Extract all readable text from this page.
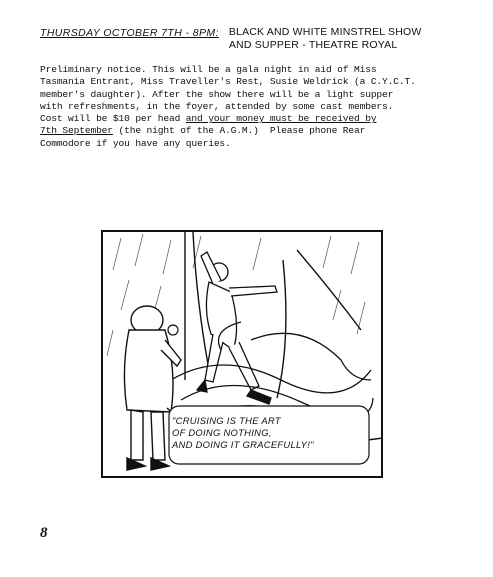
THURSDAY OCTOBER 7TH - 8PM: BLACK AND WHITE MINSTREL SHOW
AND SUPPER - THEATRE ROYAL
Preliminary notice. This will be a gala night in aid of Miss
Tasmania Entrant, Miss Traveller's Rest, Susie Weldrick (a C.Y.C.T.
member's daughter). After the show there will be a light supper
with refreshments, in the foyer, attended by some cast members.
Cost will be $10 per head and your money must be received by
7th September (the night of the A.G.M.)  Please phone Rear
Commodore if you have any queries.
"CRUISING IS THE ART
OF DOING NOTHING,
AND DOING IT GRACEFULLY!"
8
